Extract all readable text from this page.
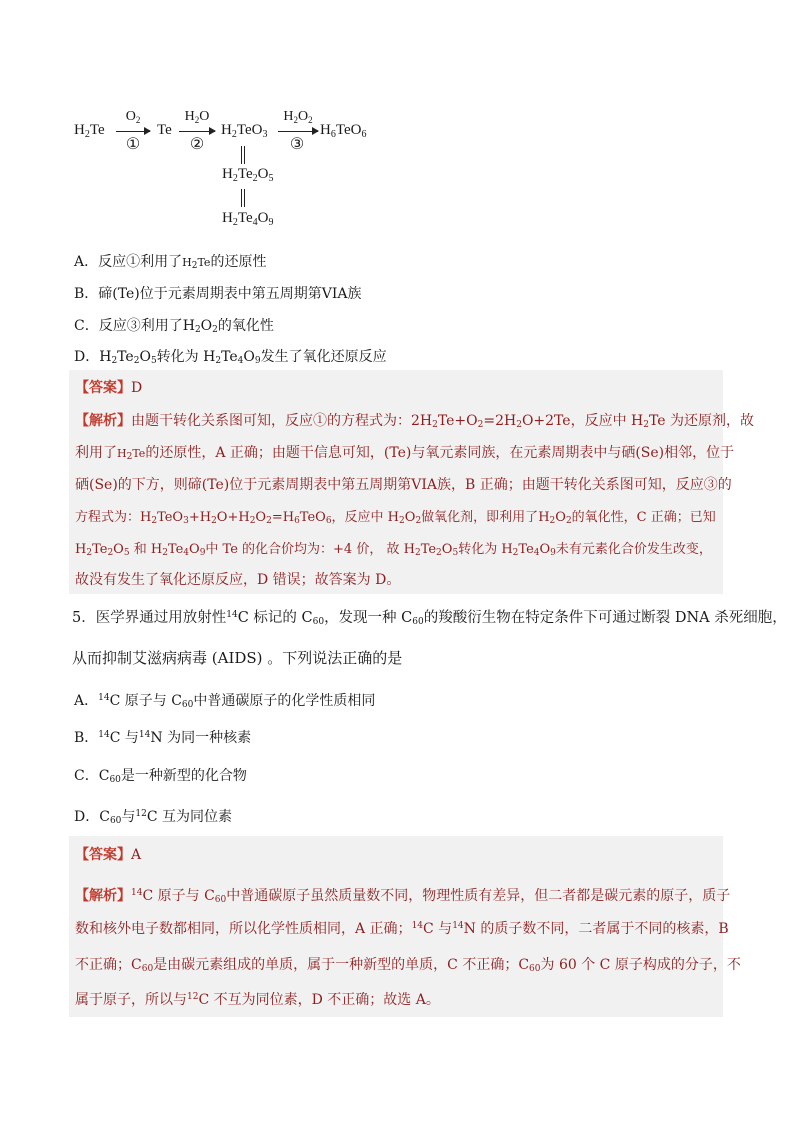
$H_2Te$
$O_2$
①
Te
$H_2O$
②
$H_2TeO_3$
$H_2O_2$
③
$H_6TeO_6$
$H_2Te_2O_5$
$H_2Te_4O_9$
A．反应①利用了$H_2Te$的还原性
B．碲(Te)位于元素周期表中第五周期第VIA族
C．反应③利用了$H_2O_2$的氧化性
D．$H_2Te_2O_5$转化为 $H_2Te_4O_9$发生了氧化还原反应
【答案】D
【解析】由题干转化关系图可知，反应①的方程式为：$2H_2Te+O_2=2H_2O+2Te$，反应中 $H_2Te$ 为还原剂，故
利用了$H_2Te$的还原性，A 正确；由题干信息可知，(Te)与氧元素同族，在元素周期表中与硒(Se)相邻，位于
硒(Se)的下方，则碲(Te)位于元素周期表中第五周期第VIA族，B 正确；由题干转化关系图可知，反应③的
方程式为：$H_2TeO_3+H_2O+H_2O_2=H_6TeO_6$，反应中 $H_2O_2$做氧化剂，即利用了$H_2O_2$的氧化性，C 正确；已知
$H_2Te_2O_5$ 和 $H_2Te_4O_9$中 Te 的化合价均为：+4 价， 故 $H_2Te_2O_5$转化为 $H_2Te_4O_9$未有元素化合价发生改变，
故没有发生了氧化还原反应，D 错误；故答案为 D。
5．医学界通过用放射性$^{14}$C 标记的 $C_{60}$，发现一种 $C_{60}$的羧酸衍生物在特定条件下可通过断裂 DNA 杀死细胞，
从而抑制艾滋病病毒 (AIDS) 。下列说法正确的是
A．$^{14}$C 原子与 $C_{60}$中普通碳原子的化学性质相同
B．$^{14}$C 与$^{14}$N 为同一种核素
C．$C_{60}$是一种新型的化合物
D．$C_{60}$与$^{12}$C 互为同位素
【答案】A
【解析】$^{14}$C 原子与 $C_{60}$中普通碳原子虽然质量数不同，物理性质有差异，但二者都是碳元素的原子，质子
数和核外电子数都相同，所以化学性质相同，A 正确；$^{14}$C 与$^{14}$N 的质子数不同，二者属于不同的核素，B
不正确；$C_{60}$是由碳元素组成的单质，属于一种新型的单质，C 不正确；$C_{60}$为 60 个 C 原子构成的分子，不
属于原子，所以与$^{12}$C 不互为同位素，D 不正确；故选 A。
